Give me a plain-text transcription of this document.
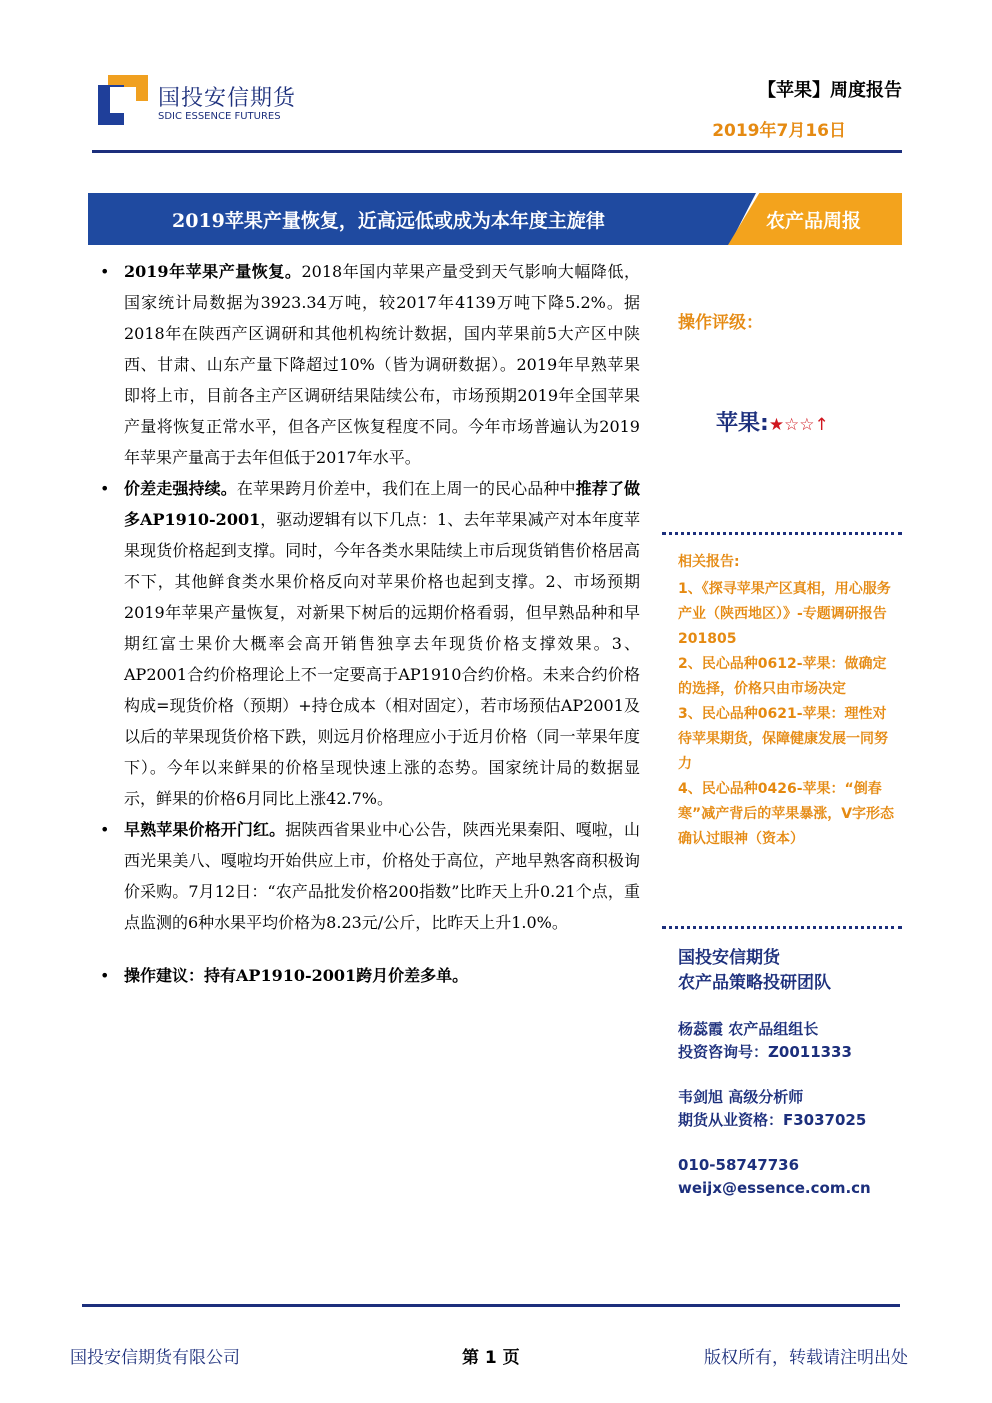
国投安信期货
SDIC ESSENCE FUTURES
【苹果】周度报告
2019年7月16日
2019苹果产量恢复，近高远低或成为本年度主旋律	农产品周报
• 2019年苹果产量恢复。2018年国内苹果产量受到天气影响大幅降低，国家统计局数据为3923.34万吨，较2017年4139万吨下降5.2%。据2018年在陕西产区调研和其他机构统计数据，国内苹果前5大产区中陕西、甘肃、山东产量下降超过10%（皆为调研数据）。2019年早熟苹果即将上市，目前各主产区调研结果陆续公布，市场预期2019年全国苹果产量将恢复正常水平，但各产区恢复程度不同。今年市场普遍认为2019年苹果产量高于去年但低于2017年水平。
• 价差走强持续。在苹果跨月价差中，我们在上周一的民心品种中推荐了做多AP1910-2001，驱动逻辑有以下几点：1、去年苹果减产对本年度苹果现货价格起到支撑。同时，今年各类水果陆续上市后现货销售价格居高不下，其他鲜食类水果价格反向对苹果价格也起到支撑。2、市场预期2019年苹果产量恢复，对新果下树后的远期价格看弱，但早熟品种和早期红富士果价大概率会高开销售独享去年现货价格支撑效果。3、AP2001合约价格理论上不一定要高于AP1910合约价格。未来合约价格构成=现货价格（预期）+持仓成本（相对固定），若市场预估AP2001及以后的苹果现货价格下跌，则远月价格理应小于近月价格（同一苹果年度下）。今年以来鲜果的价格呈现快速上涨的态势。国家统计局的数据显示，鲜果的价格6月同比上涨42.7%。
• 早熟苹果价格开门红。据陕西省果业中心公告，陕西光果秦阳、嘎啦，山西光果美八、嘎啦均开始供应上市，价格处于高位，产地早熟客商积极询价采购。7月12日：“农产品批发价格200指数”比昨天上升0.21个点，重点监测的6种水果平均价格为8.23元/公斤，比昨天上升1.0%。
• 操作建议：持有AP1910-2001跨月价差多单。
操作评级：
苹果:★☆☆↑
相关报告:
1、《探寻苹果产区真相，用心服务产业（陕西地区）》-专题调研报告 201805
2、民心品种0612-苹果：做确定的选择，价格只由市场决定
3、民心品种0621-苹果：理性对待苹果期货，保障健康发展一同努力
4、民心品种0426-苹果：“倒春寒”减产背后的苹果暴涨，V字形态确认过眼神（资本）
国投安信期货
农产品策略投研团队
杨蕊霞 农产品组组长
投资咨询号：Z0011333
韦剑旭 高级分析师
期货从业资格：F3037025
010-58747736
weijx@essence.com.cn
国投安信期货有限公司	第 1 页	版权所有，转载请注明出处
